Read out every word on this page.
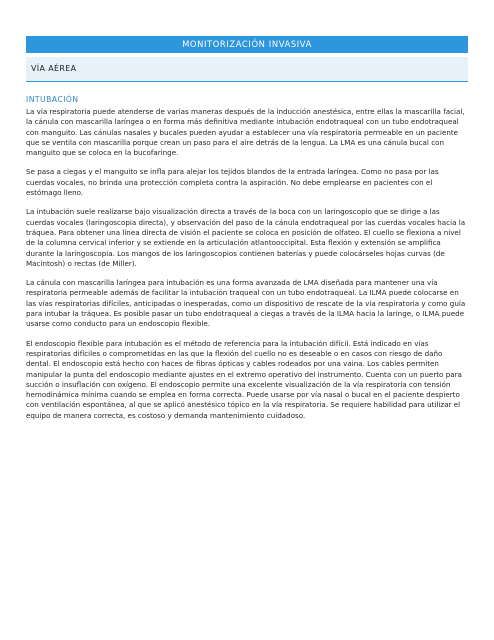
MONITORIZACIÓN INVASIVA
VÍA AÉREA
INTUBACIÓN

La vía respiratoria puede atenderse de varias maneras después de la inducción anestésica, entre ellas la mascarilla facial, la cánula con mascarilla laríngea o en forma más definitiva mediante intubación endotraqueal con un tubo endotraqueal con manguito. Las cánulas nasales y bucales pueden ayudar a establecer una vía respiratoria permeable en un paciente que se ventila con mascarilla porque crean un paso para el aire detrás de la lengua. La LMA es una cánula bucal con manguito que se coloca en la bucofaringe.

Se pasa a ciegas y el manguito se infla para alejar los tejidos blandos de la entrada laríngea. Como no pasa por las cuerdas vocales, no brinda una protección completa contra la aspiración. No debe emplearse en pacientes con el estómago lleno.

La intubación suele realizarse bajo visualización directa a través de la boca con un laringoscopio que se dirige a las cuerdas vocales (laringoscopia directa), y observación del paso de la cánula endotraqueal por las cuerdas vocales hacia la tráquea. Para obtener una línea directa de visión el paciente se coloca en posición de olfateo. El cuello se flexiona a nivel de la columna cervical inferior y se extiende en la articulación atlantooccipital. Esta flexión y extensión se amplifica durante la laringoscopia. Los mangos de los laringoscopios contienen baterías y puede colocárseles hojas curvas (de Macintosh) o rectas (de Miller).

La cánula con mascarilla laríngea para intubación es una forma avanzada de LMA diseñada para mantener una vía respiratoria permeable además de facilitar la intubación traqueal con un tubo endotraqueal. La ILMA puede colocarse en las vías respiratorias difíciles, anticipadas o inesperadas, como un dispositivo de rescate de la vía respiratoria y como guía para intubar la tráquea. Es posible pasar un tubo endotraqueal a ciegas a través de la ILMA hacia la laringe, o ILMA puede usarse como conducto para un endoscopio flexible.

El endoscopio flexible para intubación es el método de referencia para la intubación difícil. Está indicado en vías respiratorias difíciles o comprometidas en las que la flexión del cuello no es deseable o en casos con riesgo de daño dental. El endoscopio está hecho con haces de fibras ópticas y cables rodeados por una vaina. Los cables permiten manipular la punta del endoscopio mediante ajustes en el extremo operativo del instrumento. Cuenta con un puerto para succión o insuflación con oxígeno. El endoscopio permite una excelente visualización de la vía respiratoria con tensión hemodinámica mínima cuando se emplea en forma correcta. Puede usarse por vía nasal o bucal en el paciente despierto con ventilación espontánea, al que se aplicó anestésico tópico en la vía respiratoria. Se requiere habilidad para utilizar el equipo de manera correcta, es costoso y demanda mantenimiento cuidadoso.
